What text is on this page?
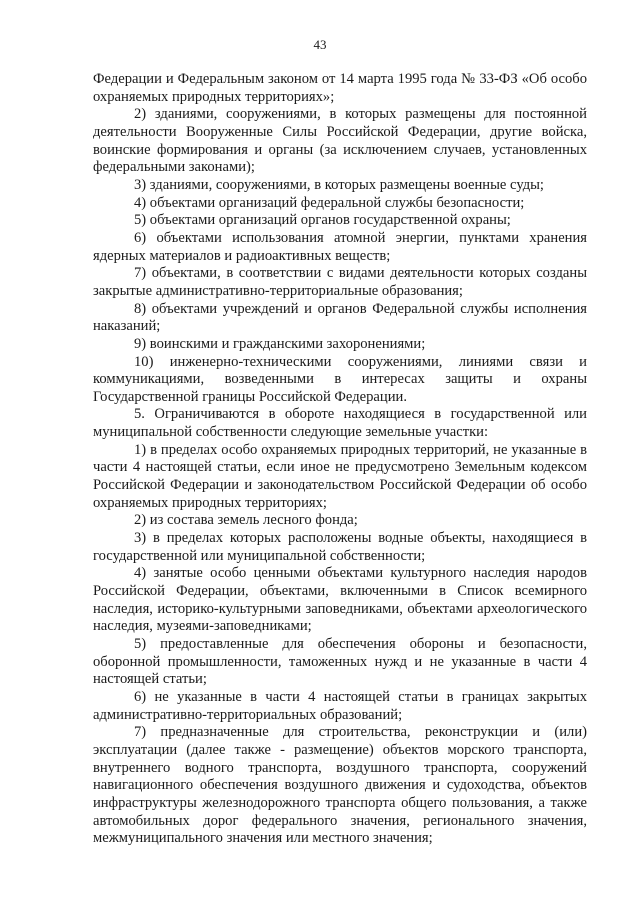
43

Федерации и Федеральным законом от 14 марта 1995 года № 33-ФЗ «Об особо охраняемых природных территориях»;

2) зданиями, сооружениями, в которых размещены для постоянной деятельности Вооруженные Силы Российской Федерации, другие войска, воинские формирования и органы (за исключением случаев, установленных федеральными законами);

3) зданиями, сооружениями, в которых размещены военные суды;

4) объектами организаций федеральной службы безопасности;

5) объектами организаций органов государственной охраны;

6) объектами использования атомной энергии, пунктами хранения ядерных материалов и радиоактивных веществ;

7) объектами, в соответствии с видами деятельности которых созданы закрытые административно-территориальные образования;

8) объектами учреждений и органов Федеральной службы исполнения наказаний;

9) воинскими и гражданскими захоронениями;

10) инженерно-техническими сооружениями, линиями связи и коммуникациями, возведенными в интересах защиты и охраны Государственной границы Российской Федерации.

5. Ограничиваются в обороте находящиеся в государственной или муниципальной собственности следующие земельные участки:

1) в пределах особо охраняемых природных территорий, не указанные в части 4 настоящей статьи, если иное не предусмотрено Земельным кодексом Российской Федерации и законодательством Российской Федерации об особо охраняемых природных территориях;

2) из состава земель лесного фонда;

3) в пределах которых расположены водные объекты, находящиеся в государственной или муниципальной собственности;

4) занятые особо ценными объектами культурного наследия народов Российской Федерации, объектами, включенными в Список всемирного наследия, историко-культурными заповедниками, объектами археологического наследия, музеями-заповедниками;

5) предоставленные для обеспечения обороны и безопасности, оборонной промышленности, таможенных нужд и не указанные в части 4 настоящей статьи;

6) не указанные в части 4 настоящей статьи в границах закрытых административно-территориальных образований;

7) предназначенные для строительства, реконструкции и (или) эксплуатации (далее также - размещение) объектов морского транспорта, внутреннего водного транспорта, воздушного транспорта, сооружений навигационного обеспечения воздушного движения и судоходства, объектов инфраструктуры железнодорожного транспорта общего пользования, а также автомобильных дорог федерального значения, регионального значения, межмуниципального значения или местного значения;
